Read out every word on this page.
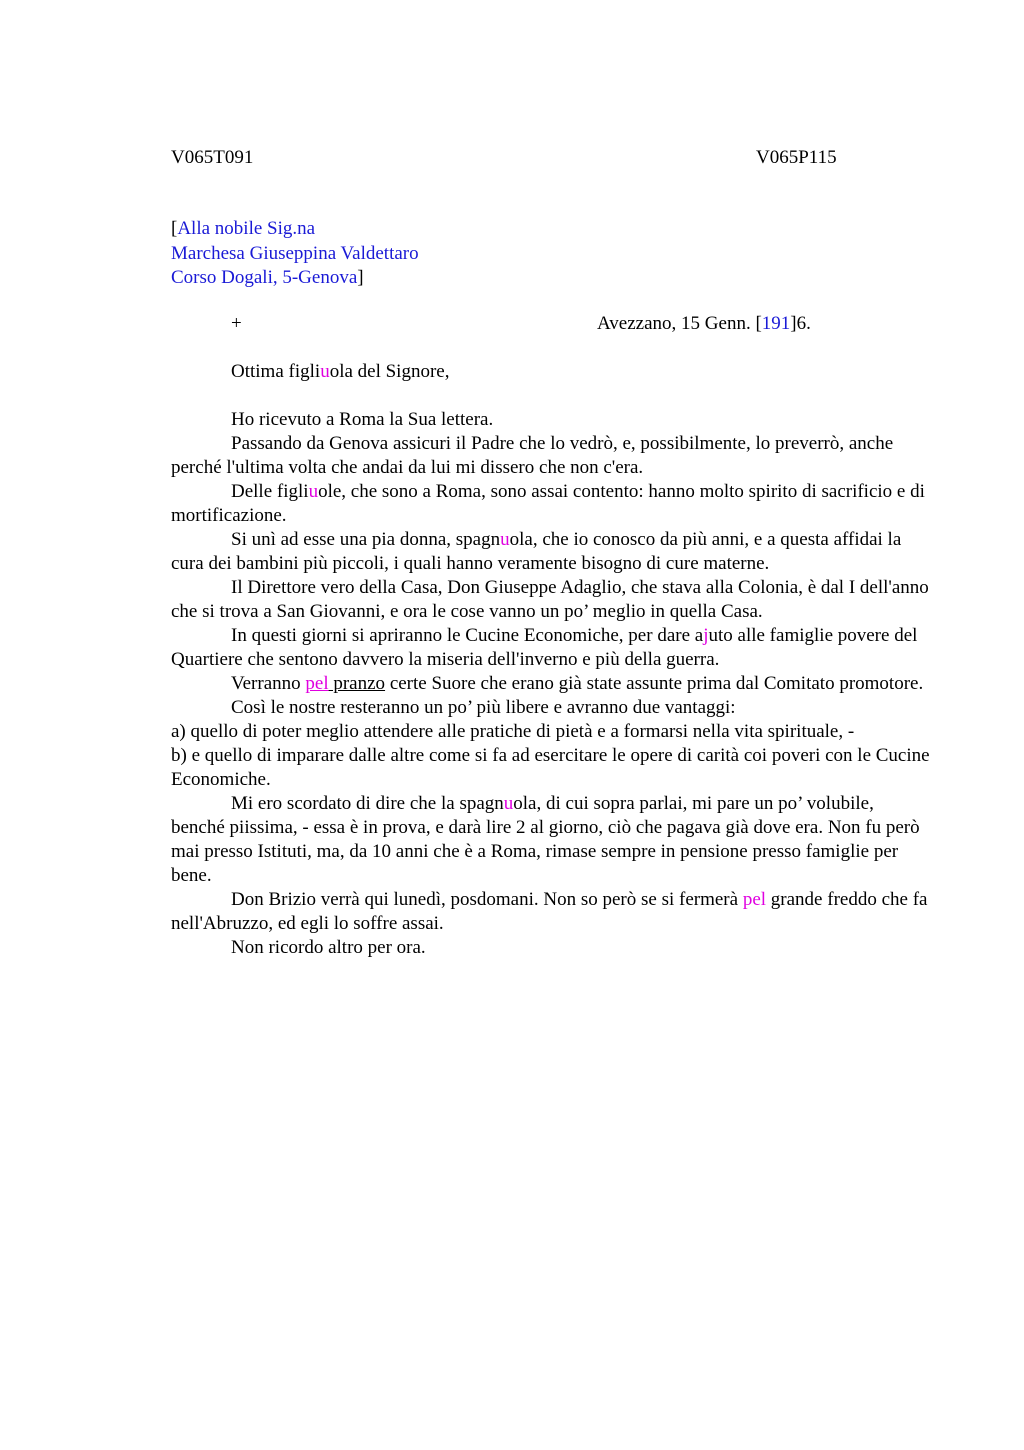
V065T091	V065P115
[Alla nobile Sig.na
Marchesa Giuseppina Valdettaro
Corso Dogali, 5-Genova]
+	Avezzano, 15 Genn. [191]6.
Ottima figliuola del Signore,

Ho ricevuto a Roma la Sua lettera.

Passando da Genova assicuri il Padre che lo vedrò, e, possibilmente, lo preverrò, anche perché l'ultima volta che andai da lui mi dissero che non c'era.

Delle figliuole, che sono a Roma, sono assai contento: hanno molto spirito di sacrificio e di mortificazione.

Si unì ad esse una pia donna, spagnuola, che io conosco da più anni, e a questa affidai la cura dei bambini più piccoli, i quali hanno veramente bisogno di cure materne.

Il Direttore vero della Casa, Don Giuseppe Adaglio, che stava alla Colonia, è dal I dell'anno che si trova a San Giovanni, e ora le cose vanno un po’ meglio in quella Casa.

In questi giorni si apriranno le Cucine Economiche, per dare ajuto alle famiglie povere del Quartiere che sentono davvero la miseria dell'inverno e più della guerra.

Verranno pel pranzo certe Suore che erano già state assunte prima dal Comitato promotore.

Così le nostre resteranno un po’ più libere e avranno due vantaggi:

a) quello di poter meglio attendere alle pratiche di pietà e a formarsi nella vita spirituale, -

b) e quello di imparare dalle altre come si fa ad esercitare le opere di carità coi poveri con le Cucine Economiche.

Mi ero scordato di dire che la spagnuola, di cui sopra parlai, mi pare un po’ volubile, benché piissima, - essa è in prova, e darà lire 2 al giorno, ciò che pagava già dove era. Non fu però mai presso Istituti, ma, da 10 anni che è a Roma, rimase sempre in pensione presso famiglie per bene.

Don Brizio verrà qui lunedì, posdomani. Non so però se si fermerà pel grande freddo che fa nell'Abruzzo, ed egli lo soffre assai.

Non ricordo altro per ora.
